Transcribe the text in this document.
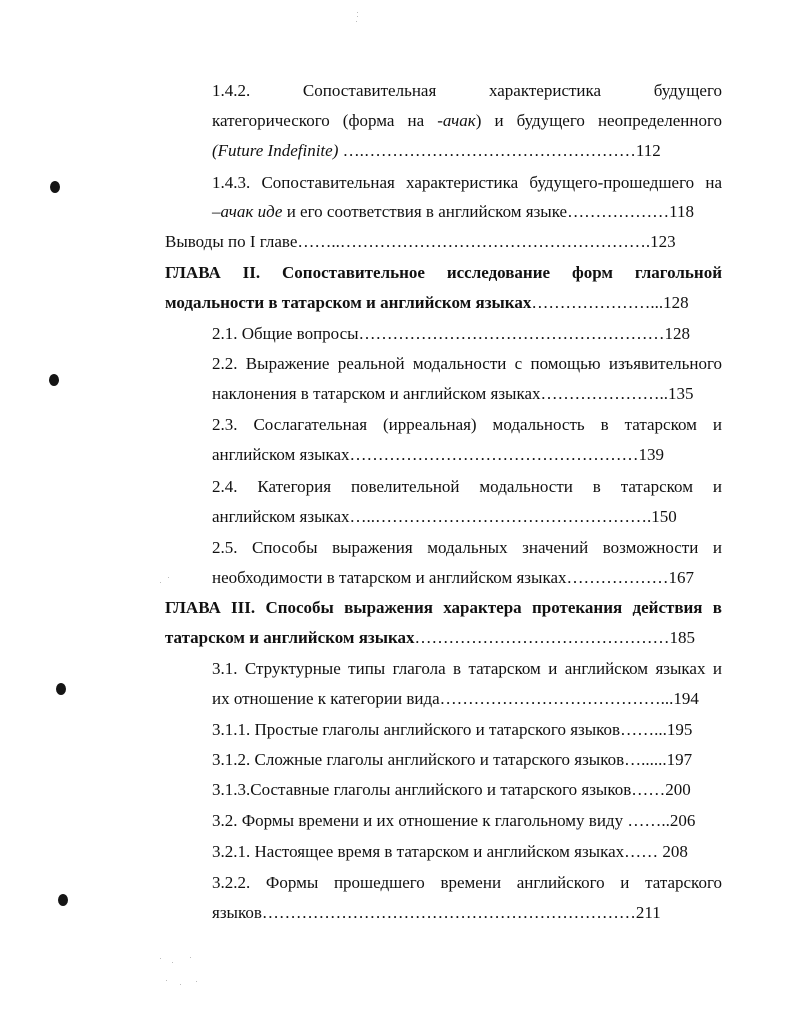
1.4.2. Сопоставительная характеристика будущего
категорического (форма на -ачак) и будущего неопределенного
(Future Indefinite) ….…………………………………………112
1.4.3. Сопоставительная характеристика будущего-прошедшего на
–ачак иде и его соответствия в английском языке………………118
Выводы по I главе……..……………………………………………….123
ГЛАВА II. Сопоставительное исследование форм глагольной
модальности в татарском и английском языках…………………...128
2.1. Общие вопросы………………………………………………128
2.2. Выражение реальной модальности с помощью изъявительного
наклонения в татарском и английском языках…………………..135
2.3. Сослагательная (ирреальная) модальность в татарском и
английском языках……………………………………………139
2.4. Категория повелительной модальности в татарском и
английском языках…..………………………………………….150
2.5. Способы выражения модальных значений возможности и
необходимости в татарском и английском языках………………167
ГЛАВА III. Способы выражения характера протекания действия в
татарском и английском языках………………………………………185
3.1. Структурные типы глагола в татарском и английском языках и
их отношение к категории вида…………………………………...194
3.1.1. Простые глаголы английского и татарского языков……...195
3.1.2. Сложные глаголы английского и татарского языков…......197
3.1.3.Составные глаголы английского и татарского языков……200
3.2. Формы времени и их отношение к глагольному виду ……..206
3.2.1. Настоящее время в татарском и английском языках…… 208
3.2.2. Формы прошедшего времени английского и татарского
языков…………………………………………………………211
